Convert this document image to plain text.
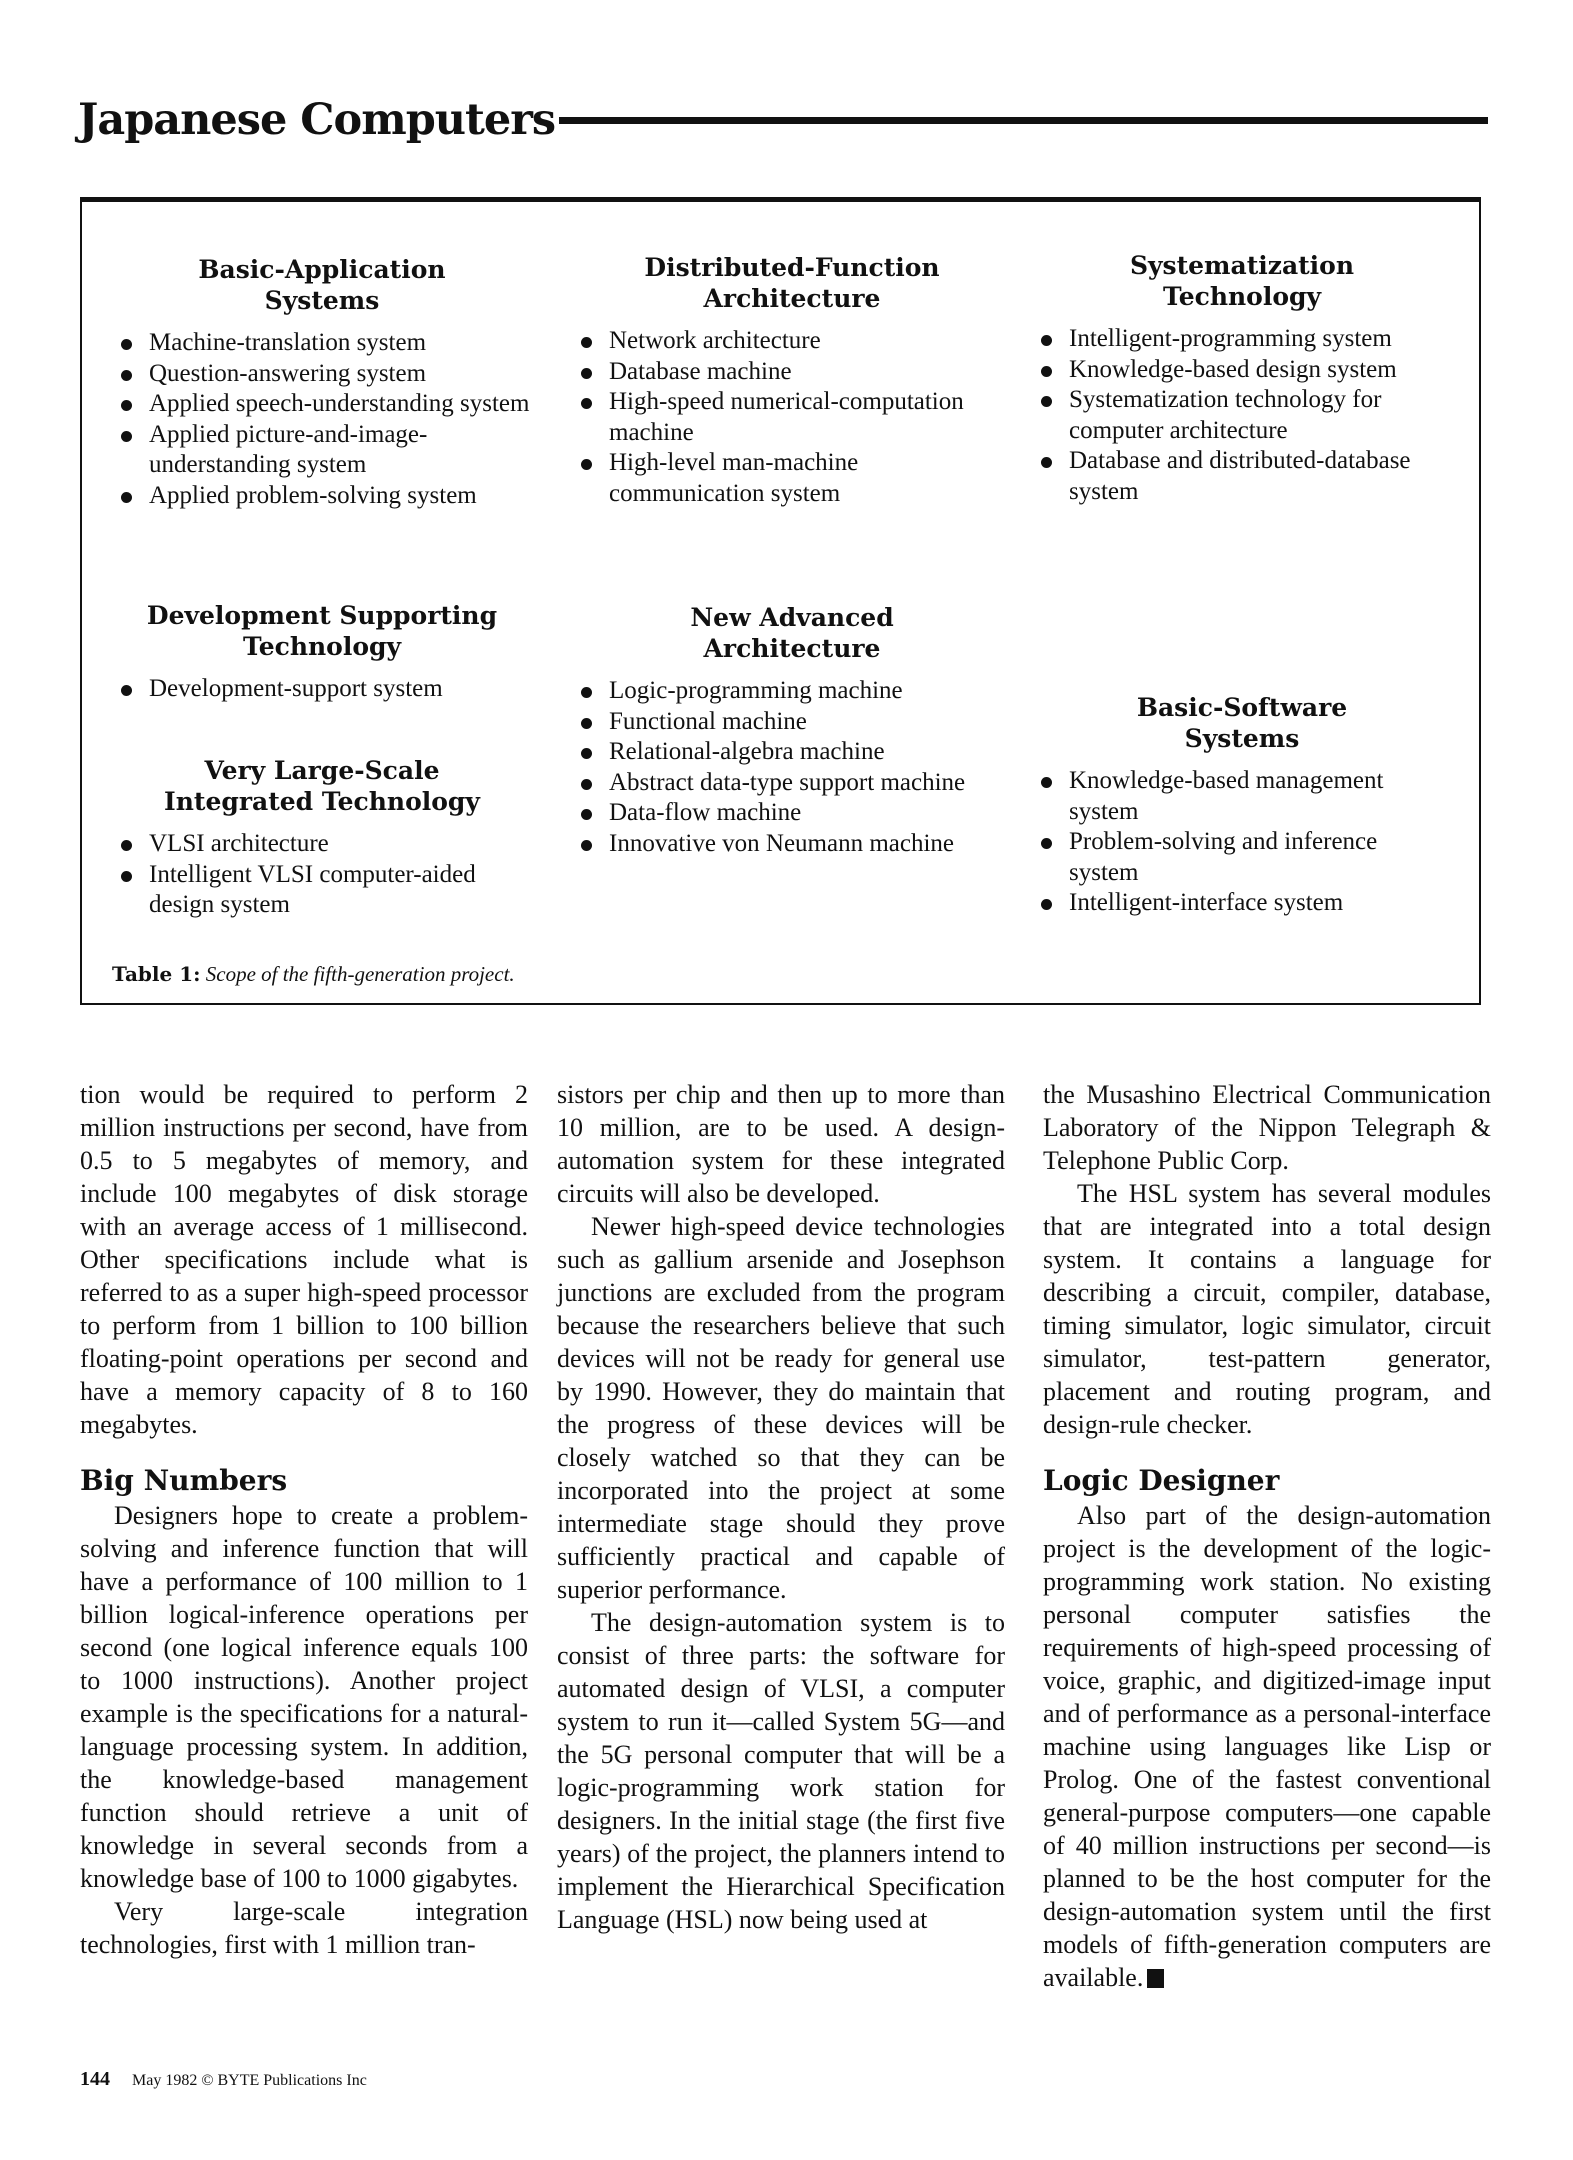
Japanese Computers
Basic-Application
Systems
Machine-translation system
Question-answering system
Applied speech-understanding system
Applied picture-and-image-understanding system
Applied problem-solving system
Development Supporting
Technology
Development-support system
Very Large-Scale
Integrated Technology
VLSI architecture
Intelligent VLSI computer-aided design system
Distributed-Function
Architecture
Network architecture
Database machine
High-speed numerical-computation machine
High-level man-machine communication system
New Advanced
Architecture
Logic-programming machine
Functional machine
Relational-algebra machine
Abstract data-type support machine
Data-flow machine
Innovative von Neumann machine
Systematization
Technology
Intelligent-programming system
Knowledge-based design system
Systematization technology for computer architecture
Database and distributed-database system
Basic-Software
Systems
Knowledge-based management system
Problem-solving and inference system
Intelligent-interface system
Table 1: Scope of the fifth-generation project.

tion would be required to perform 2 million instructions per second, have from 0.5 to 5 megabytes of memory, and include 100 megabytes of disk storage with an average access of 1 millisecond. Other specifications include what is referred to as a super high-speed processor to perform from 1 billion to 100 billion floating-point operations per second and have a memory capacity of 8 to 160 megabytes.

Big Numbers

Designers hope to create a problem-solving and inference function that will have a performance of 100 million to 1 billion logical-inference operations per second (one logical inference equals 100 to 1000 instructions). Another project example is the specifications for a natural-language processing system. In addition, the knowledge-based management function should retrieve a unit of knowledge in several seconds from a knowledge base of 100 to 1000 gigabytes.

Very large-scale integration technologies, first with 1 million tran-

sistors per chip and then up to more than 10 million, are to be used. A design-automation system for these integrated circuits will also be developed.

Newer high-speed device technologies such as gallium arsenide and Josephson junctions are excluded from the program because the researchers believe that such devices will not be ready for general use by 1990. However, they do maintain that the progress of these devices will be closely watched so that they can be incorporated into the project at some intermediate stage should they prove sufficiently practical and capable of superior performance.

The design-automation system is to consist of three parts: the software for automated design of VLSI, a computer system to run it—called System 5G—and the 5G personal computer that will be a logic-programming work station for designers. In the initial stage (the first five years) of the project, the planners intend to implement the Hierarchical Specification Language (HSL) now being used at

the Musashino Electrical Communication Laboratory of the Nippon Telegraph & Telephone Public Corp.

The HSL system has several modules that are integrated into a total design system. It contains a language for describing a circuit, compiler, database, timing simulator, logic simulator, circuit simulator, test-pattern generator, placement and routing program, and design-rule checker.

Logic Designer

Also part of the design-automation project is the development of the logic-programming work station. No existing personal computer satisfies the requirements of high-speed processing of voice, graphic, and digitized-image input and of performance as a personal-interface machine using languages like Lisp or Prolog. One of the fastest conventional general-purpose computers—one capable of 40 million instructions per second—is planned to be the host computer for the design-automation system until the first models of fifth-generation computers are available.

144 May 1982 © BYTE Publications Inc
